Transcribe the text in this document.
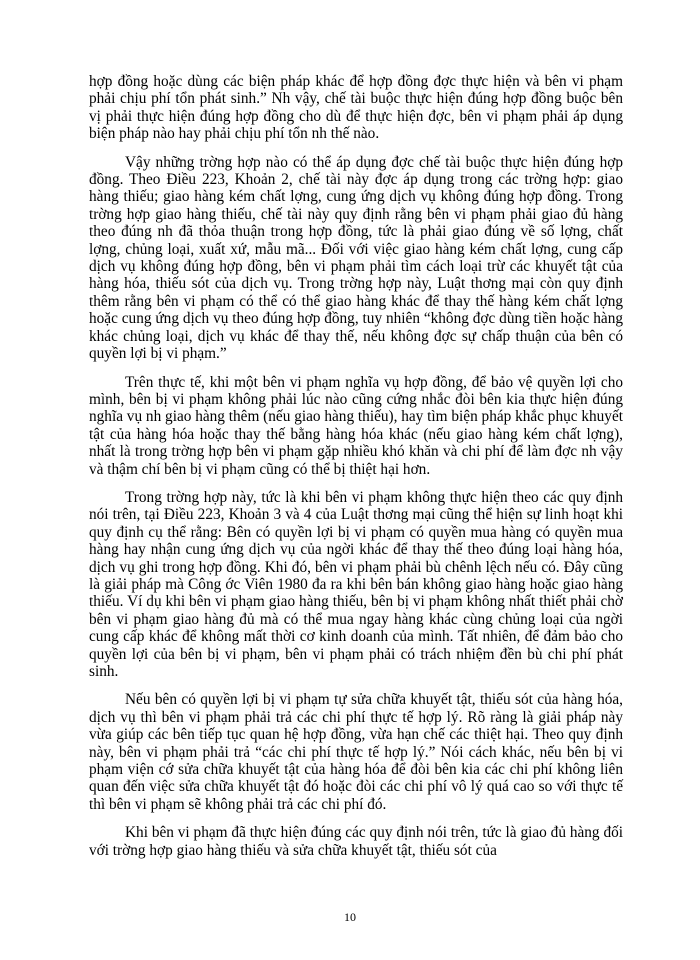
hợp đồng hoặc dùng các biện pháp khác để hợp đồng đợc thực hiện và bên vi phạm phải chịu phí tổn phát sinh.” Nh vậy, chế tài buộc thực hiện đúng hợp đồng buộc bên vị phải thực hiện đúng hợp đồng cho dù để thực hiện đợc, bên vi phạm phải áp dụng biện pháp nào hay phải chịu phí tổn nh thế nào.

Vậy những trờng hợp nào có thể áp dụng đợc chế tài buộc thực hiện đúng hợp đồng. Theo Điều 223, Khoản 2, chế tài này đợc áp dụng trong các trờng hợp: giao hàng thiếu; giao hàng kém chất lợng, cung ứng dịch vụ không đúng hợp đồng. Trong trờng hợp giao hàng thiếu, chế tài này quy định rằng bên vi phạm phải giao đủ hàng theo đúng nh đã thỏa thuận trong hợp đồng, tức là phải giao đúng về số lợng, chất lợng, chủng loại, xuất xứ, mẫu mã... Đối với việc giao hàng kém chất lợng, cung cấp dịch vụ không đúng hợp đồng, bên vi phạm phải tìm cách loại trừ các khuyết tật của hàng hóa, thiếu sót của dịch vụ. Trong trờng hợp này, Luật thơng mại còn quy định thêm rằng bên vi phạm có thể có thể giao hàng khác để thay thế hàng kém chất lợng hoặc cung ứng dịch vụ theo đúng hợp đồng, tuy nhiên “không đợc dùng tiền hoặc hàng khác chủng loại, dịch vụ khác để thay thế, nếu không đợc sự chấp thuận của bên có quyền lợi bị vi phạm.”

Trên thực tế, khi một bên vi phạm nghĩa vụ hợp đồng, để bảo vệ quyền lợi cho mình, bên bị vi phạm không phải lúc nào cũng cứng nhắc đòi bên kia thực hiện đúng nghĩa vụ nh giao hàng thêm (nếu giao hàng thiếu), hay tìm biện pháp khắc phục khuyết tật của hàng hóa hoặc thay thế bằng hàng hóa khác (nếu giao hàng kém chất lợng), nhất là trong trờng hợp bên vi phạm gặp nhiều khó khăn và chi phí để làm đợc nh vậy và thậm chí bên bị vi phạm cũng có thể bị thiệt hại hơn.

Trong trờng hợp này, tức là khi bên vi phạm không thực hiện theo các quy định nói trên, tại Điều 223, Khoản 3 và 4 của Luật thơng mại cũng thể hiện sự linh hoạt khi quy định cụ thể rằng: Bên có quyền lợi bị vi phạm có quyền mua hàng có quyền mua hàng hay nhận cung ứng dịch vụ của ngời khác để thay thế theo đúng loại hàng hóa, dịch vụ ghi trong hợp đồng. Khi đó, bên vi phạm phải bù chênh lệch nếu có. Đây cũng là giải pháp mà Công ớc Viên 1980 đa ra khi bên bán không giao hàng hoặc giao hàng thiếu. Ví dụ khi bên vi phạm giao hàng thiếu, bên bị vi phạm không nhất thiết phải chờ bên vi phạm giao hàng đủ mà có thể mua ngay hàng khác cùng chủng loại của ngời cung cấp khác để không mất thời cơ kinh doanh của mình. Tất nhiên, để đảm bảo cho quyền lợi của bên bị vi phạm, bên vi phạm phải có trách nhiệm đền bù chi phí phát sinh.

Nếu bên có quyền lợi bị vi phạm tự sửa chữa khuyết tật, thiếu sót của hàng hóa, dịch vụ thì bên vi phạm phải trả các chi phí thực tế hợp lý. Rõ ràng là giải pháp này vừa giúp các bên tiếp tục quan hệ hợp đồng, vừa hạn chế các thiệt hại. Theo quy định này, bên vi phạm phải trả “các chi phí thực tế hợp lý.” Nói cách khác, nếu bên bị vi phạm viện cớ sửa chữa khuyết tật của hàng hóa để đòi bên kia các chi phí không liên quan đến việc sửa chữa khuyết tật đó hoặc đòi các chi phí vô lý quá cao so với thực tế thì bên vi phạm sẽ không phải trả các chi phí đó.

Khi bên vi phạm đã thực hiện đúng các quy định nói trên, tức là giao đủ hàng đối với trờng hợp giao hàng thiếu và sửa chữa khuyết tật, thiếu sót của

10
